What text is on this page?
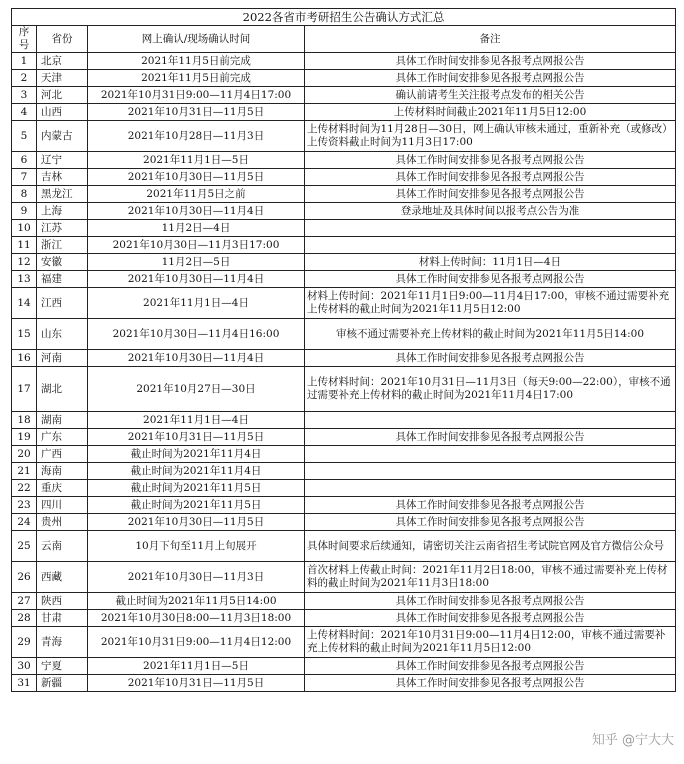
2022各省市考研招生公告确认方式汇总			
序号	省份	网上确认/现场确认时间	备注
1	北京	2021年11月5日前完成	具体工作时间安排参见各报考点网报公告
2	天津	2021年11月5日前完成	具体工作时间安排参见各报考点网报公告
3	河北	2021年10月31日9:00—11月4日17:00	确认前请考生关注报考点发布的相关公告
4	山西	2021年10月31日—11月5日	上传材料时间截止2021年11月5日12:00
5	内蒙古	2021年10月28日—11月3日	上传材料时间为11月28日—30日，网上确认审核未通过，重新补充（或修改）上传资料截止时间为11月3日17:00
6	辽宁	2021年11月1日—5日	具体工作时间安排参见各报考点网报公告
7	吉林	2021年10月30日—11月5日	具体工作时间安排参见各报考点网报公告
8	黑龙江	2021年11月5日之前	具体工作时间安排参见各报考点网报公告
9	上海	2021年10月30日—11月4日	登录地址及具体时间以报考点公告为准
10	江苏	11月2日—4日	
11	浙江	2021年10月30日—11月3日17:00	
12	安徽	11月2日—5日	材料上传时间：11月1日—4日
13	福建	2021年10月30日—11月4日	具体工作时间安排参见各报考点网报公告
14	江西	2021年11月1日—4日	材料上传时间：2021年11月1日9:00—11月4日17:00，审核不通过需要补充上传材料的截止时间为2021年11月5日12:00
15	山东	2021年10月30日—11月4日16:00	审核不通过需要补充上传材料的截止时间为2021年11月5日14:00
16	河南	2021年10月30日—11月4日	具体工作时间安排参见各报考点网报公告
17	湖北	2021年10月27日—30日	上传材料时间：2021年10月31日—11月3日（每天9:00—22:00），审核不通过需要补充上传材料的截止时间为2021年11月4日17:00
18	湖南	2021年11月1日—4日	
19	广东	2021年10月31日—11月5日	具体工作时间安排参见各报考点网报公告
20	广西	截止时间为2021年11月4日	
21	海南	截止时间为2021年11月4日	
22	重庆	截止时间为2021年11月5日	
23	四川	截止时间为2021年11月5日	具体工作时间安排参见各报考点网报公告
24	贵州	2021年10月30日—11月5日	具体工作时间安排参见各报考点网报公告
25	云南	10月下旬至11月上旬展开	具体时间要求后续通知，请密切关注云南省招生考试院官网及官方微信公众号
26	西藏	2021年10月30日—11月3日	首次材料上传截止时间：2021年11月2日18:00，审核不通过需要补充上传材料的截止时间为2021年11月3日18:00
27	陕西	截止时间为2021年11月5日14:00	具体工作时间安排参见各报考点网报公告
28	甘肃	2021年10月30日8:00—11月3日18:00	具体工作时间安排参见各报考点网报公告
29	青海	2021年10月31日9:00—11月4日12:00	上传材料时间：2021年10月31日9:00—11月4日12:00，审核不通过需要补充上传材料的截止时间为2021年11月5日12:00
30	宁夏	2021年11月1日—5日	具体工作时间安排参见各报考点网报公告
31	新疆	2021年10月31日—11月5日	具体工作时间安排参见各报考点网报公告
知乎 @宁大大
